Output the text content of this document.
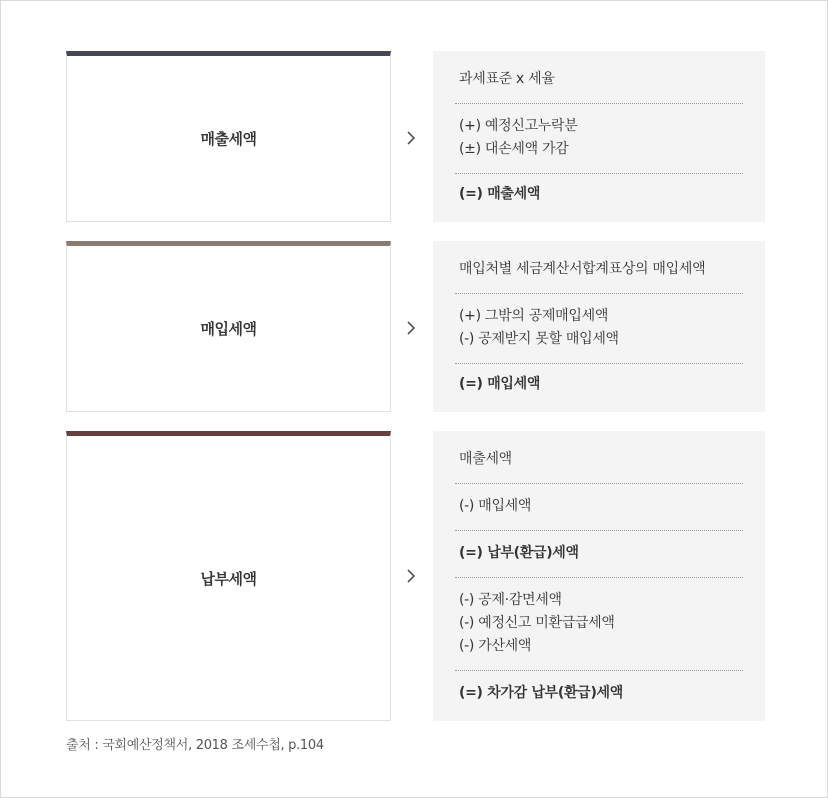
매출세액
과세표준 x 세율
(+) 예정신고누락분
(±) 대손세액 가감
(=) 매출세액
매입세액
매입처별 세금계산서합계표상의 매입세액
(+) 그밖의 공제매입세액
(-) 공제받지 못할 매입세액
(=) 매입세액
납부세액
매출세액
(-) 매입세액
(=) 납부(환급)세액
(-) 공제·감면세액
(-) 예정신고 미환급급세액
(-) 가산세액
(=) 차가감 납부(환급)세액
출처 : 국회예산정책서, 2018 조세수첩, p.104
